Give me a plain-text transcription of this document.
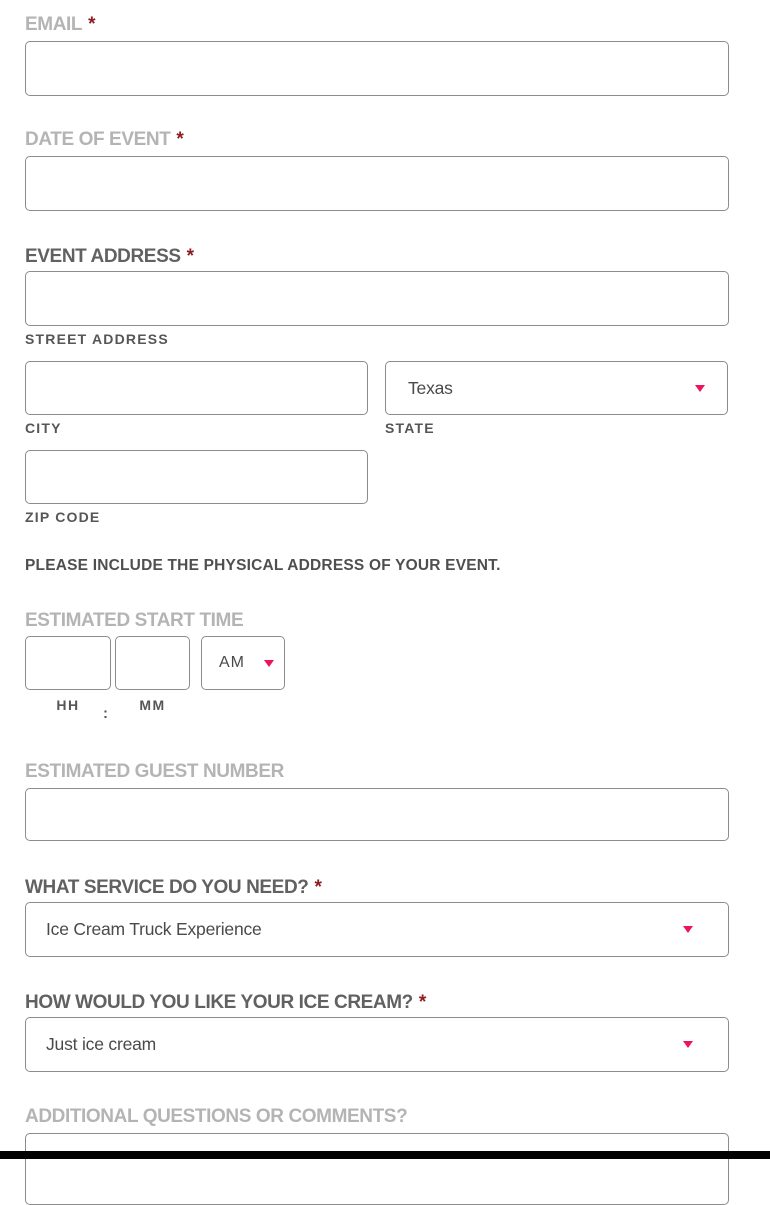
EMAIL *
DATE OF EVENT *
EVENT ADDRESS *
STREET ADDRESS
CITY
Texas
STATE
ZIP CODE
PLEASE INCLUDE THE PHYSICAL ADDRESS OF YOUR EVENT.
ESTIMATED START TIME
AM
HH	:	MM
ESTIMATED GUEST NUMBER
WHAT SERVICE DO YOU NEED? *
Ice Cream Truck Experience
HOW WOULD YOU LIKE YOUR ICE CREAM? *
Just ice cream
ADDITIONAL QUESTIONS OR COMMENTS?
